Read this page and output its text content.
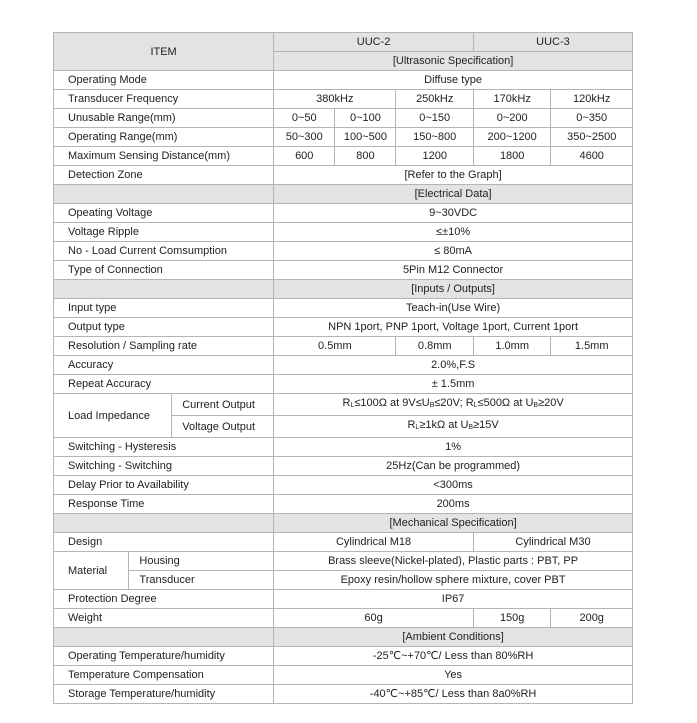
ITEM			UUC-2			UUC-3	
			[Ultrasonic Specification]				
Operating Mode			Diffuse type				
Transducer Frequency			380kHz		250kHz	170kHz	120kHz
Unusable Range(mm)			0~50	0~100	0~150	0~200	0~350
Operating Range(mm)			50~300	100~500	150~800	200~1200	350~2500
Maximum Sensing Distance(mm)			600	800	1200	1800	4600
Detection Zone			[Refer to the Graph]				
			[Electrical Data]				
Opeating Voltage			9~30VDC				
Voltage Ripple			≤±10%				
No - Load Current Comsumption			≤ 80mA				
Type of Connection			5Pin M12 Connector				
			[Inputs / Outputs]				
Input type			Teach-in(Use Wire)				
Output type			NPN 1port, PNP 1port, Voltage 1port, Current 1port				
Resolution / Sampling rate			0.5mm		0.8mm	1.0mm	1.5mm
Accuracy			2.0%,F.S				
Repeat Accuracy			± 1.5mm				
Load Impedance		Current Output	$R_L\le 100\Omega$ at $9V\le U_B\le 20V$; $R_L\le 500\Omega$ at $U_B\ge 20V$				
		Voltage Output	$R_L\ge 1k\Omega$ at $U_B\ge 15V$				
Switching - Hysteresis			1%				
Switching - Switching			25Hz(Can be programmed)				
Delay Prior to Availability			<300ms				
Response Time			200ms				
			[Mechanical Specification]				
Design			Cylindrical M18			Cylindrical M30	
Material	Housing		Brass sleeve(Nickel-plated), Plastic parts : PBT, PP				
	Transducer		Epoxy resin/hollow sphere mixture, cover PBT				
Protection Degree			IP67				
Weight			60g			150g	200g
			[Ambient Conditions]				
Operating Temperature/humidity			-25℃~+70℃/ Less than 80%RH				
Temperature Compensation			Yes				
Storage Temperature/humidity			-40℃~+85℃/ Less than 8a0%RH				
